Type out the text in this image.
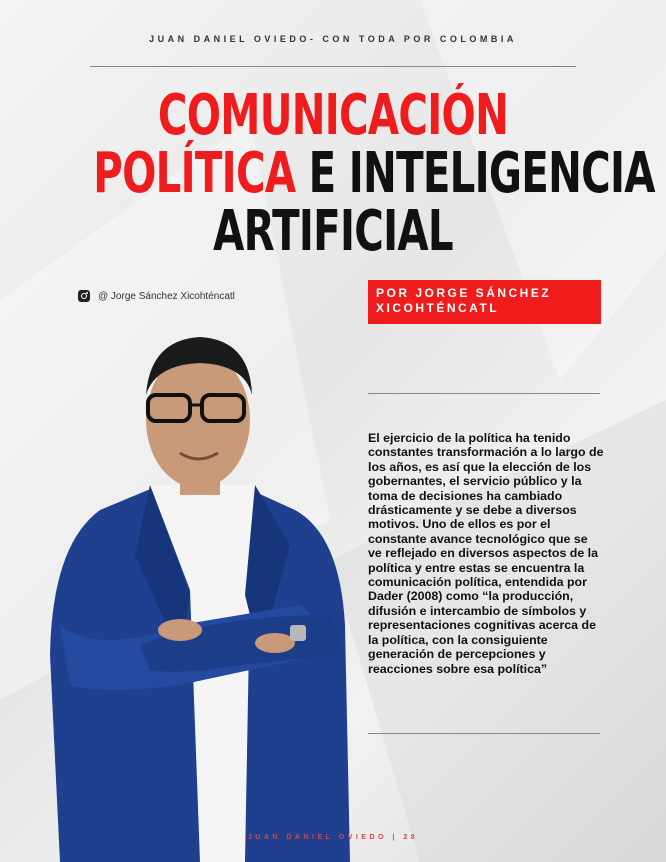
JUAN DANIEL OVIEDO- CON TODA POR COLOMBIA
COMUNICACIÓN
POLÍTICA E INTELIGENCIA
ARTIFICIAL
@ Jorge Sánchez Xicohténcatl	POR JORGE SÁNCHEZ
XICOHTÉNCATL
El ejercicio de la política ha tenido constantes transformación a lo largo de los años, es así que la elección de los gobernantes, el servicio público y la toma de decisiones ha cambiado drásticamente y se debe a diversos motivos. Uno de ellos es por el constante avance tecnológico que se ve reflejado en diversos aspectos de la política y entre estas se encuentra la comunicación política, entendida por Dader (2008) como “la producción, difusión e intercambio de símbolos y representaciones cognitivas acerca de la política, con la consiguiente generación de percepciones y reacciones sobre esa política”
JUAN DANIEL OVIEDO | 28
